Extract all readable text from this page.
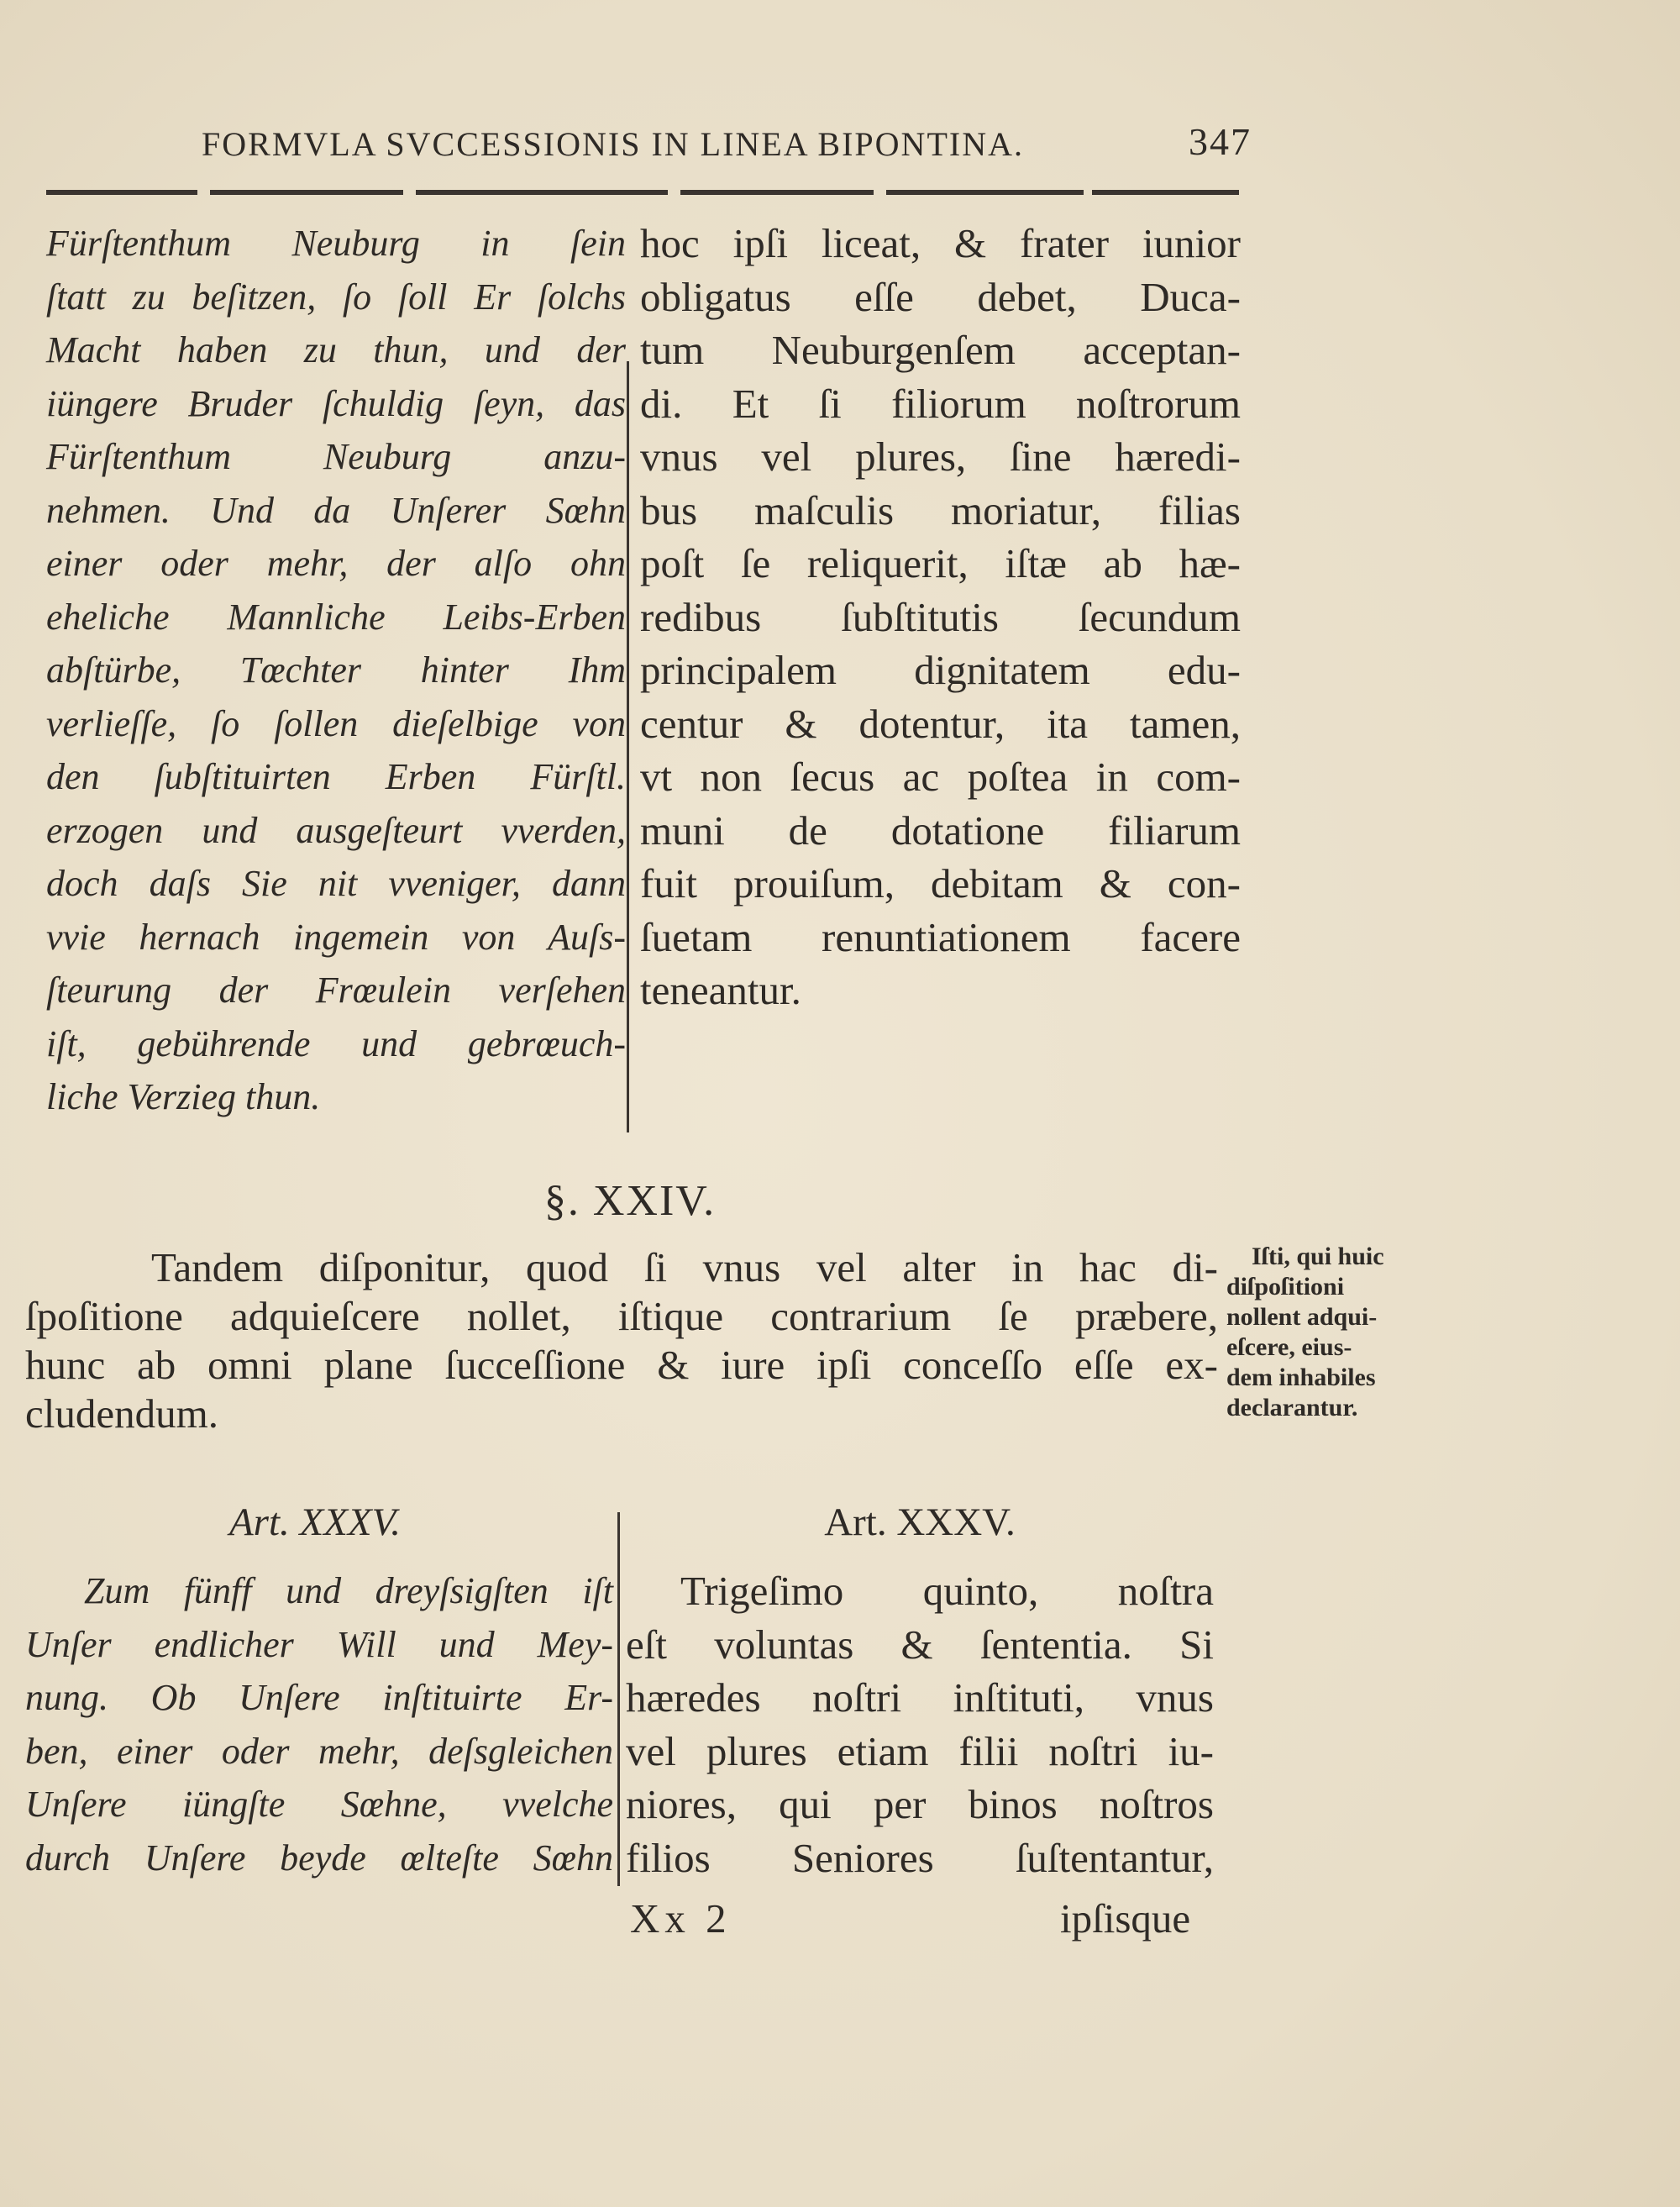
FORMVLA SVCCESSIONIS IN LINEA BIPONTINA.	347
Fürſtenthum Neuburg in ſein
ſtatt zu beſitzen, ſo ſoll Er ſolchs
Macht haben zu thun, und der
iüngere Bruder ſchuldig ſeyn, das
Fürſtenthum Neuburg anzu-
nehmen. Und da Unſerer Sœhn
einer oder mehr, der alſo ohn
eheliche Mannliche Leibs-Erben
abſtürbe, Tœchter hinter Ihm
verlieſſe, ſo ſollen dieſelbige von
den ſubſtituirten Erben Fürſtl.
erzogen und ausgeſteurt vverden,
doch daſs Sie nit vveniger, dann
vvie hernach ingemein von Auſs-
ſteurung der Frœulein verſehen
iſt, gebührende und gebrœuch-
liche Verzieg thun.
hoc ipſi liceat, & frater iunior
obligatus eſſe debet, Duca-
tum Neuburgenſem acceptan-
di. Et ſi filiorum noſtrorum
vnus vel plures, ſine hæredi-
bus maſculis moriatur, filias
poſt ſe reliquerit, iſtæ ab hæ-
redibus ſubſtitutis ſecundum
principalem dignitatem edu-
centur & dotentur, ita tamen,
vt non ſecus ac poſtea in com-
muni de dotatione filiarum
fuit prouiſum, debitam & con-
ſuetam renuntiationem facere
teneantur.
§. XXIV.
Tandem diſponitur, quod ſi vnus vel alter in hac di-
ſpoſitione adquieſcere nollet, iſtique contrarium ſe præbere,
hunc ab omni plane ſucceſſione & iure ipſi conceſſo eſſe ex-
cludendum.
Iſti, qui huic
diſpoſitioni
nollent adqui-
eſcere, eius-
dem inhabiles
declarantur.
Art. XXXV.	Art. XXXV.
Zum fünff und dreyſsigſten iſt
Unſer endlicher Will und Mey-
nung. Ob Unſere inſtituirte Er-
ben, einer oder mehr, deſsgleichen
Unſere iüngſte Sœhne, vvelche
durch Unſere beyde œlteſte Sœhn
Trigeſimo quinto, noſtra
eſt voluntas & ſententia. Si
hæredes noſtri inſtituti, vnus
vel plures etiam filii noſtri iu-
niores, qui per binos noſtros
filios Seniores ſuſtentantur,
Xx 2	ipſisque
